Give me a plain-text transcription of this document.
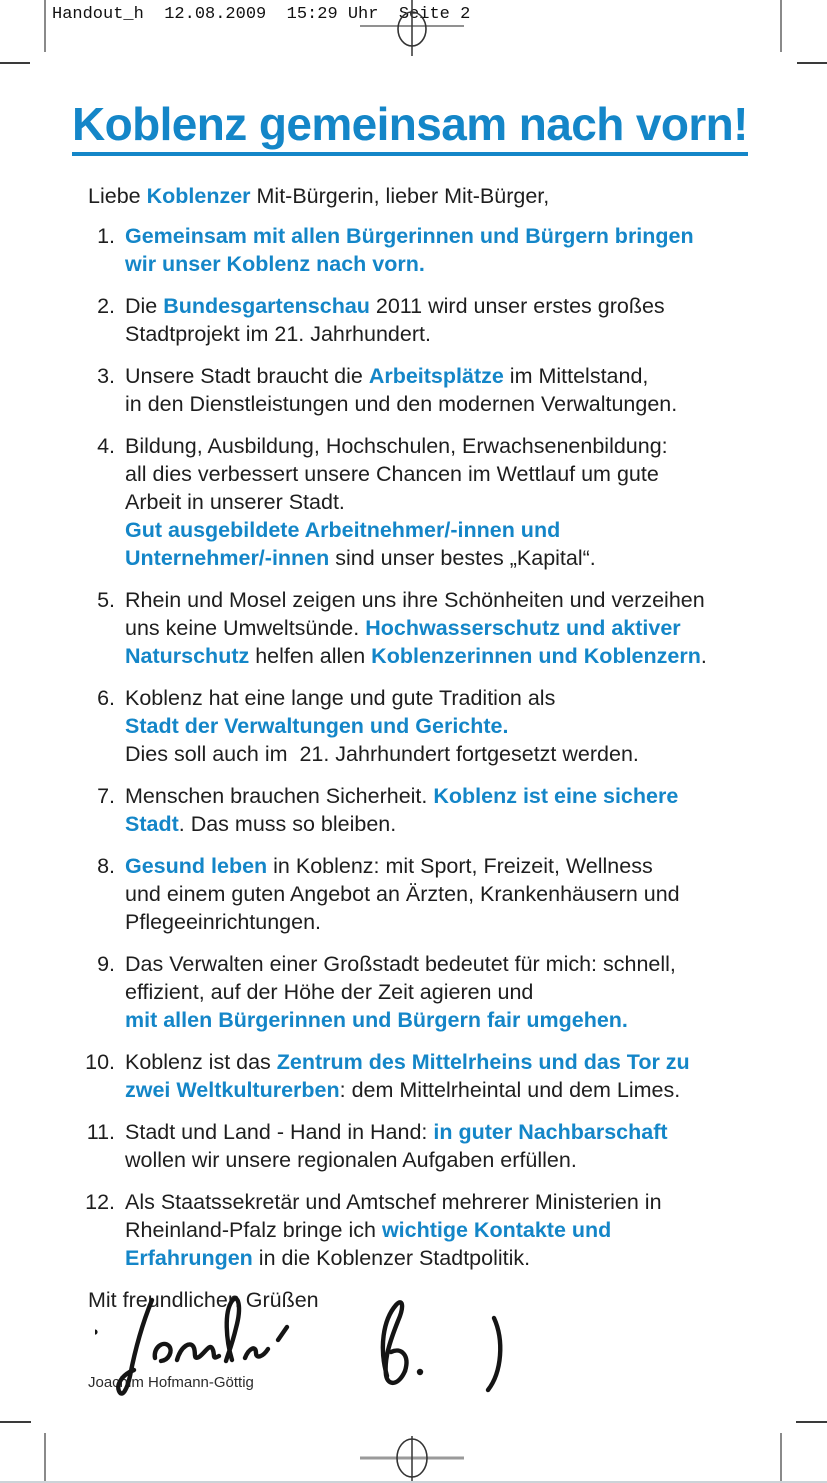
Handout_h  12.08.2009  15:29 Uhr  Seite 2
Koblenz gemeinsam nach vorn!
Liebe Koblenzer Mit-Bürgerin, lieber Mit-Bürger,
1. Gemeinsam mit allen Bürgerinnen und Bürgern bringen
wir unser Koblenz nach vorn.
2. Die Bundesgartenschau 2011 wird unser erstes großes
Stadtprojekt im 21. Jahrhundert.
3. Unsere Stadt braucht die Arbeitsplätze im Mittelstand,
in den Dienstleistungen und den modernen Verwaltungen.
4. Bildung, Ausbildung, Hochschulen, Erwachsenenbildung:
all dies verbessert unsere Chancen im Wettlauf um gute
Arbeit in unserer Stadt.
Gut ausgebildete Arbeitnehmer/-innen und
Unternehmer/-innen sind unser bestes „Kapital“.
5. Rhein und Mosel zeigen uns ihre Schönheiten und verzeihen
uns keine Umweltsünde. Hochwasserschutz und aktiver
Naturschutz helfen allen Koblenzerinnen und Koblenzern.
6. Koblenz hat eine lange und gute Tradition als
Stadt der Verwaltungen und Gerichte.
Dies soll auch im  21. Jahrhundert fortgesetzt werden.
7. Menschen brauchen Sicherheit. Koblenz ist eine sichere
Stadt. Das muss so bleiben.
8. Gesund leben in Koblenz: mit Sport, Freizeit, Wellness
und einem guten Angebot an Ärzten, Krankenhäusern und
Pflegeeinrichtungen.
9. Das Verwalten einer Großstadt bedeutet für mich: schnell,
effizient, auf der Höhe der Zeit agieren und
mit allen Bürgerinnen und Bürgern fair umgehen.
10. Koblenz ist das Zentrum des Mittelrheins und das Tor zu
zwei Weltkulturerben: dem Mittelrheintal und dem Limes.
11. Stadt und Land - Hand in Hand: in guter Nachbarschaft
wollen wir unsere regionalen Aufgaben erfüllen.
12. Als Staatssekretär und Amtschef mehrerer Ministerien in
Rheinland-Pfalz bringe ich wichtige Kontakte und
Erfahrungen in die Koblenzer Stadtpolitik.
Mit freundlichen Grüßen
Joachim Hofmann-Göttig
